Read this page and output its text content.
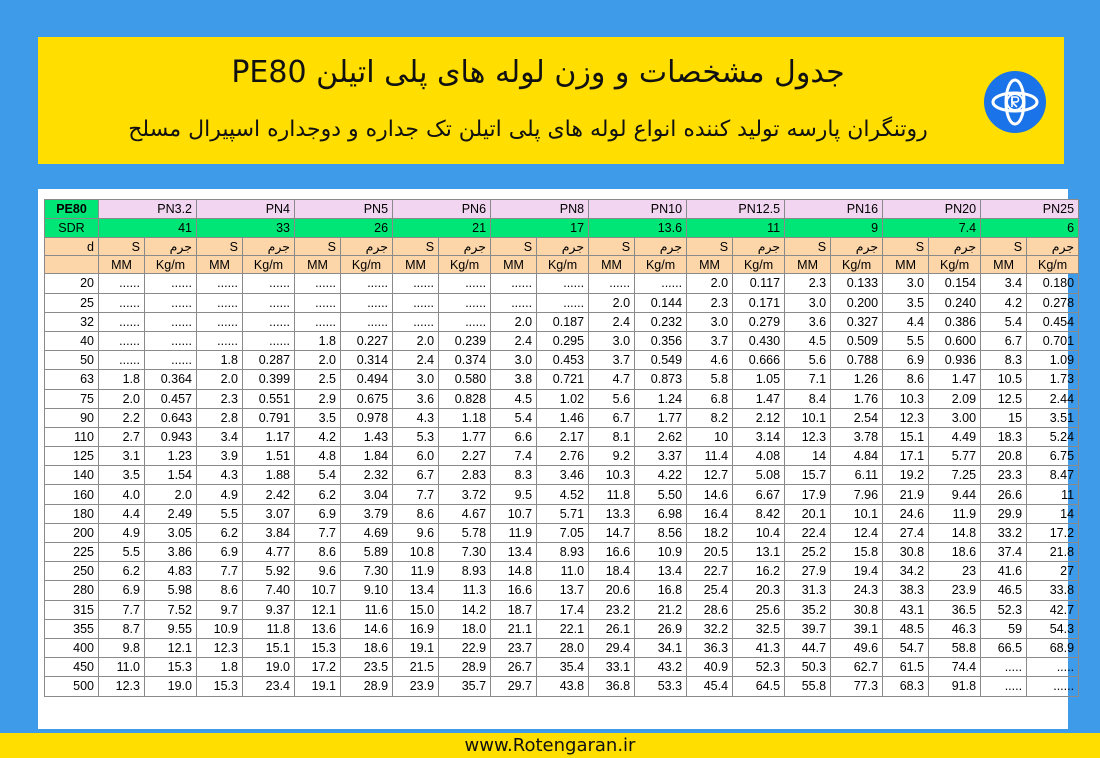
جدول مشخصات و وزن لوله های پلی اتیلن PE80
روتنگران پارسه تولید کننده انواع لوله های پلی اتیلن تک جداره و دوجداره اسپیرال مسلح
PE80	PN3.2		PN4		PN5		PN6		PN8		PN10		PN12.5		PN16		PN20		PN25	
SDR	41		33		26		21		17		13.6		11		9		7.4		6	
d	S	جرم	S	جرم	S	جرم	S	جرم	S	جرم	S	جرم	S	جرم	S	جرم	S	جرم	S	جرم
	MM	Kg/m	MM	Kg/m	MM	Kg/m	MM	Kg/m	MM	Kg/m	MM	Kg/m	MM	Kg/m	MM	Kg/m	MM	Kg/m	MM	Kg/m
20	......	......	......	......	......	......	......	......	......	......	......	......	2.0	0.117	2.3	0.133	3.0	0.154	3.4	0.180
25	......	......	......	......	......	......	......	......	......	......	2.0	0.144	2.3	0.171	3.0	0.200	3.5	0.240	4.2	0.278
32	......	......	......	......	......	......	......	......	2.0	0.187	2.4	0.232	3.0	0.279	3.6	0.327	4.4	0.386	5.4	0.454
40	......	......	......	......	1.8	0.227	2.0	0.239	2.4	0.295	3.0	0.356	3.7	0.430	4.5	0.509	5.5	0.600	6.7	0.701
50	......	......	1.8	0.287	2.0	0.314	2.4	0.374	3.0	0.453	3.7	0.549	4.6	0.666	5.6	0.788	6.9	0.936	8.3	1.09
63	1.8	0.364	2.0	0.399	2.5	0.494	3.0	0.580	3.8	0.721	4.7	0.873	5.8	1.05	7.1	1.26	8.6	1.47	10.5	1.73
75	2.0	0.457	2.3	0.551	2.9	0.675	3.6	0.828	4.5	1.02	5.6	1.24	6.8	1.47	8.4	1.76	10.3	2.09	12.5	2.44
90	2.2	0.643	2.8	0.791	3.5	0.978	4.3	1.18	5.4	1.46	6.7	1.77	8.2	2.12	10.1	2.54	12.3	3.00	15	3.51
110	2.7	0.943	3.4	1.17	4.2	1.43	5.3	1.77	6.6	2.17	8.1	2.62	10	3.14	12.3	3.78	15.1	4.49	18.3	5.24
125	3.1	1.23	3.9	1.51	4.8	1.84	6.0	2.27	7.4	2.76	9.2	3.37	11.4	4.08	14	4.84	17.1	5.77	20.8	6.75
140	3.5	1.54	4.3	1.88	5.4	2.32	6.7	2.83	8.3	3.46	10.3	4.22	12.7	5.08	15.7	6.11	19.2	7.25	23.3	8.47
160	4.0	2.0	4.9	2.42	6.2	3.04	7.7	3.72	9.5	4.52	11.8	5.50	14.6	6.67	17.9	7.96	21.9	9.44	26.6	11
180	4.4	2.49	5.5	3.07	6.9	3.79	8.6	4.67	10.7	5.71	13.3	6.98	16.4	8.42	20.1	10.1	24.6	11.9	29.9	14
200	4.9	3.05	6.2	3.84	7.7	4.69	9.6	5.78	11.9	7.05	14.7	8.56	18.2	10.4	22.4	12.4	27.4	14.8	33.2	17.2
225	5.5	3.86	6.9	4.77	8.6	5.89	10.8	7.30	13.4	8.93	16.6	10.9	20.5	13.1	25.2	15.8	30.8	18.6	37.4	21.8
250	6.2	4.83	7.7	5.92	9.6	7.30	11.9	8.93	14.8	11.0	18.4	13.4	22.7	16.2	27.9	19.4	34.2	23	41.6	27
280	6.9	5.98	8.6	7.40	10.7	9.10	13.4	11.3	16.6	13.7	20.6	16.8	25.4	20.3	31.3	24.3	38.3	23.9	46.5	33.8
315	7.7	7.52	9.7	9.37	12.1	11.6	15.0	14.2	18.7	17.4	23.2	21.2	28.6	25.6	35.2	30.8	43.1	36.5	52.3	42.7
355	8.7	9.55	10.9	11.8	13.6	14.6	16.9	18.0	21.1	22.1	26.1	26.9	32.2	32.5	39.7	39.1	48.5	46.3	59	54.3
400	9.8	12.1	12.3	15.1	15.3	18.6	19.1	22.9	23.7	28.0	29.4	34.1	36.3	41.3	44.7	49.6	54.7	58.8	66.5	68.9
450	11.0	15.3	1.8	19.0	17.2	23.5	21.5	28.9	26.7	35.4	33.1	43.2	40.9	52.3	50.3	62.7	61.5	74.4	.....	.....
500	12.3	19.0	15.3	23.4	19.1	28.9	23.9	35.7	29.7	43.8	36.8	53.3	45.4	64.5	55.8	77.3	68.3	91.8	.....	......
www.Rotengaran.ir
